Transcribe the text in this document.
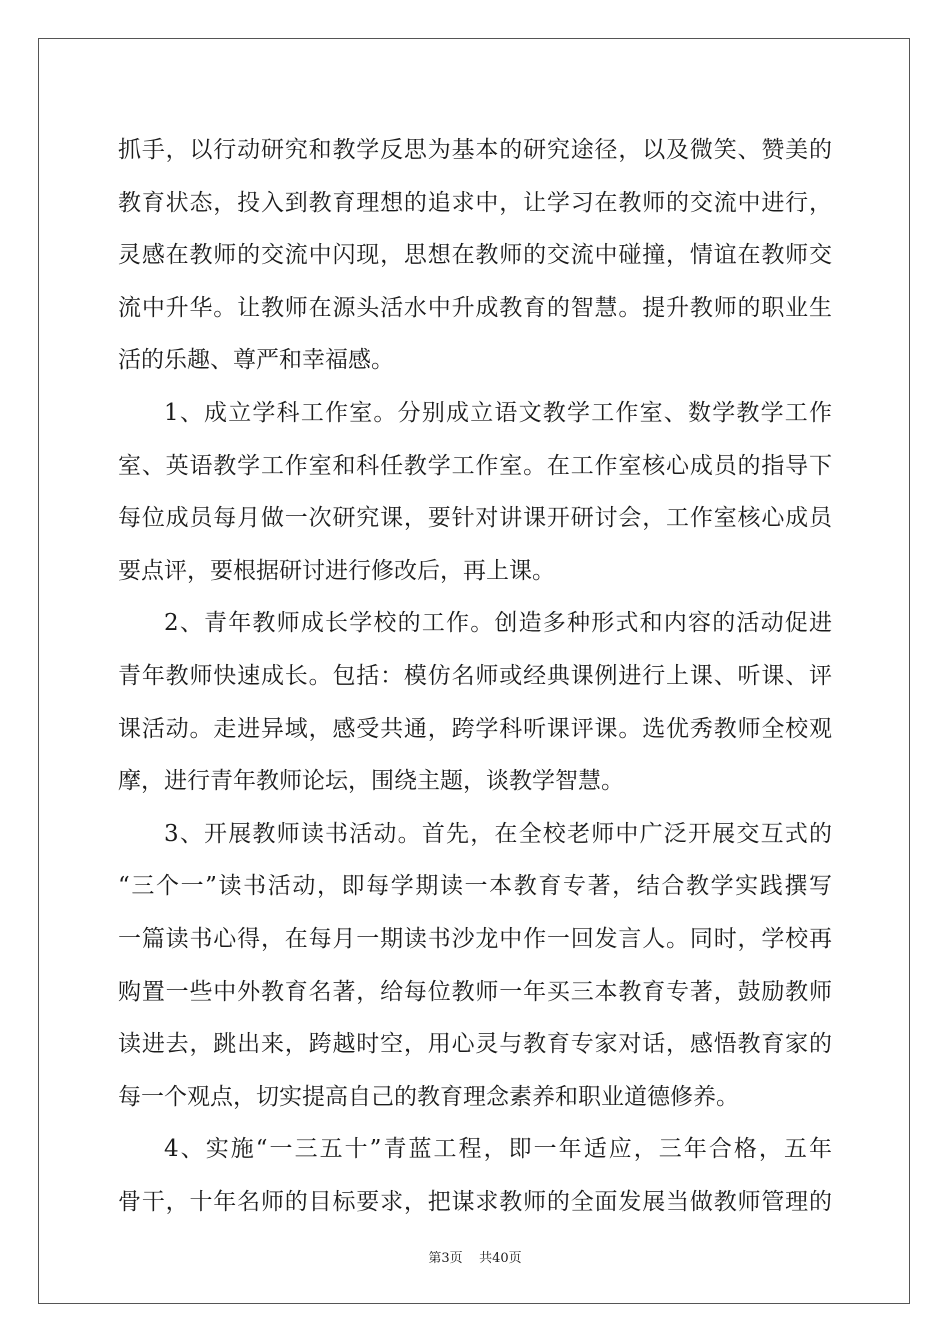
抓手，以行动研究和教学反思为基本的研究途径，以及微笑、赞美的
教育状态，投入到教育理想的追求中，让学习在教师的交流中进行，
灵感在教师的交流中闪现，思想在教师的交流中碰撞，情谊在教师交
流中升华。让教师在源头活水中升成教育的智慧。提升教师的职业生
活的乐趣、尊严和幸福感。
1、成立学科工作室。分别成立语文教学工作室、数学教学工作
室、英语教学工作室和科任教学工作室。在工作室核心成员的指导下
每位成员每月做一次研究课，要针对讲课开研讨会，工作室核心成员
要点评，要根据研讨进行修改后，再上课。
2、青年教师成长学校的工作。创造多种形式和内容的活动促进
青年教师快速成长。包括：模仿名师或经典课例进行上课、听课、评
课活动。走进异域，感受共通，跨学科听课评课。选优秀教师全校观
摩，进行青年教师论坛，围绕主题，谈教学智慧。
3、开展教师读书活动。首先，在全校老师中广泛开展交互式的
“三个一”读书活动，即每学期读一本教育专著，结合教学实践撰写
一篇读书心得，在每月一期读书沙龙中作一回发言人。同时，学校再
购置一些中外教育名著，给每位教师一年买三本教育专著，鼓励教师
读进去，跳出来，跨越时空，用心灵与教育专家对话，感悟教育家的
每一个观点，切实提高自己的教育理念素养和职业道德修养。
4、实施“一三五十”青蓝工程，即一年适应，三年合格，五年
骨干，十年名师的目标要求，把谋求教师的全面发展当做教师管理的
第3页    共40页
